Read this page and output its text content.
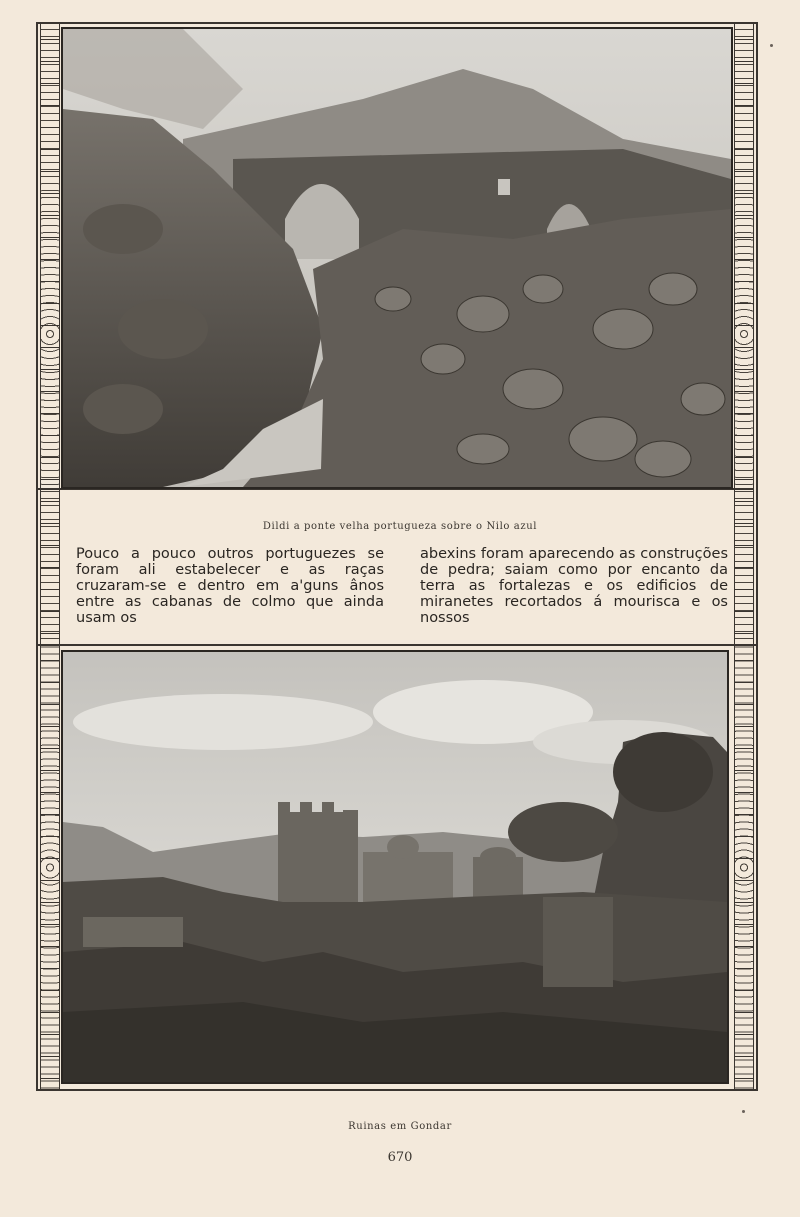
Dildi a ponte velha portugueza sobre o Nilo azul

Pouco a pouco outros portuguezes se foram ali estabelecer e as raças cruzaram-se e dentro em a'guns ânos entre as cabanas de colmo que ainda usam os

abexins foram aparecendo as construções de pedra; saiam como por encanto da terra as fortalezas e os edificios de miranetes recortados á mourisca e os nossos

Ruinas em Gondar
670
